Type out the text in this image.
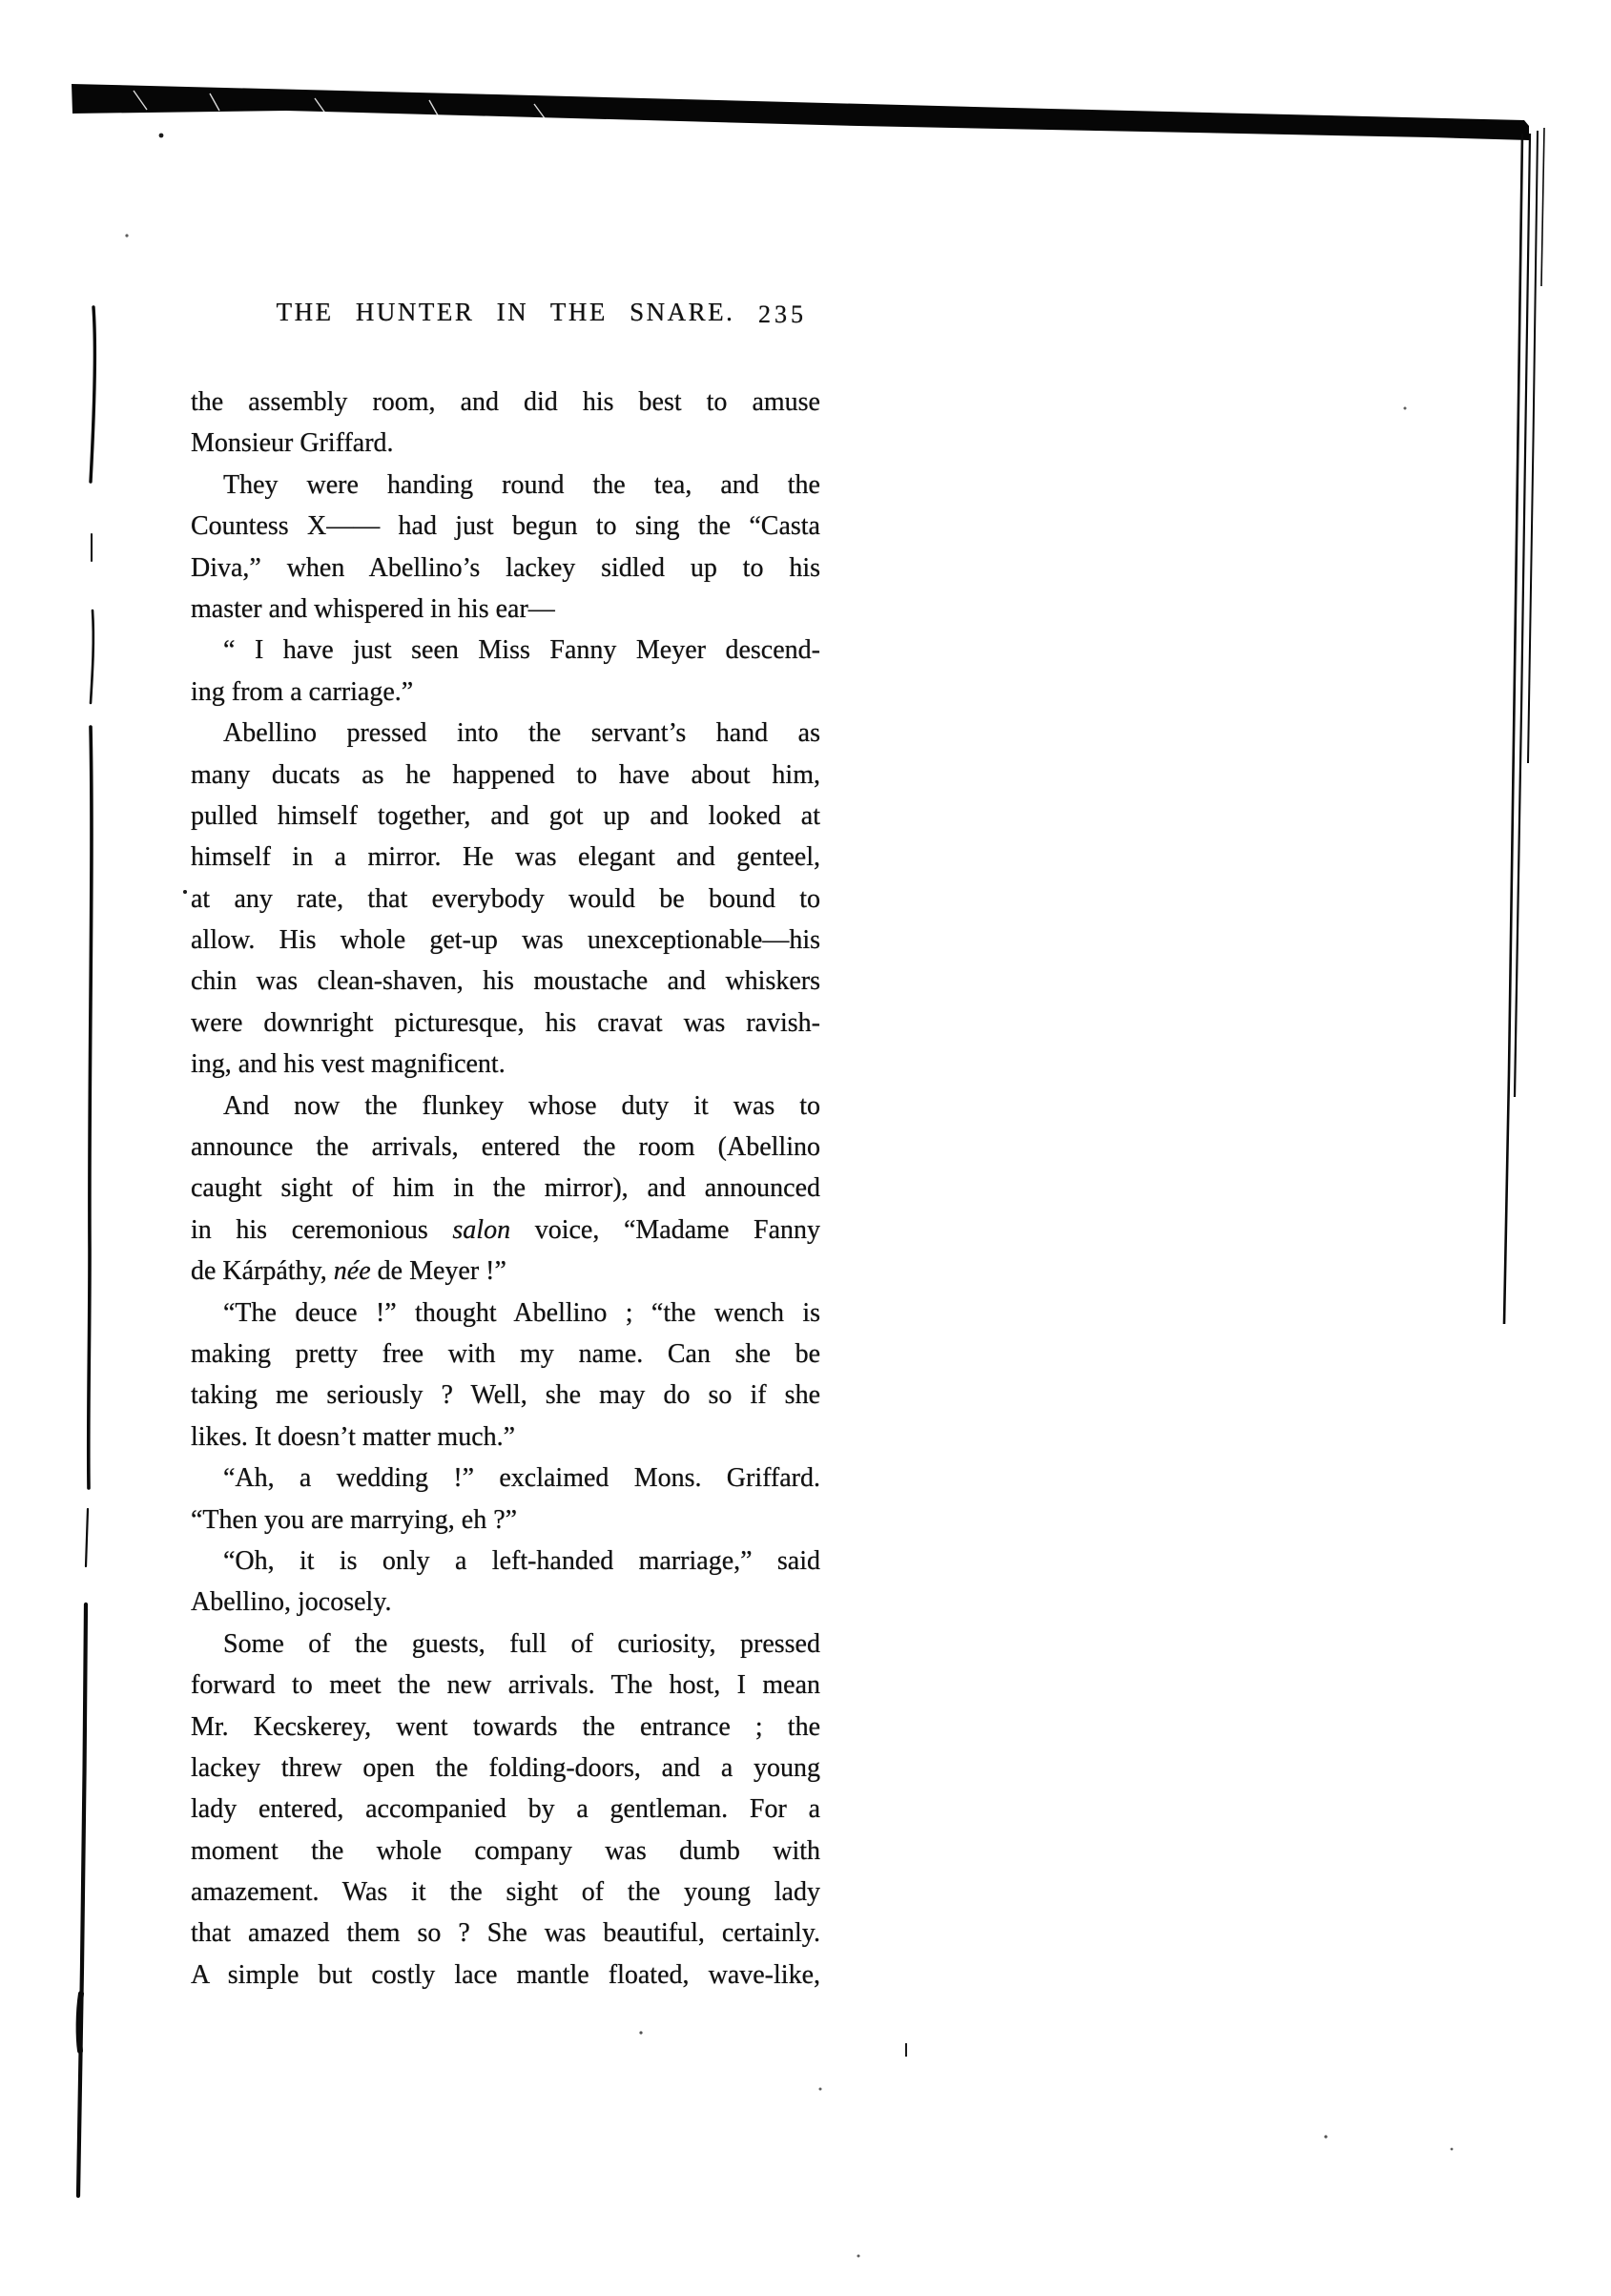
THE HUNTER IN THE SNARE. 235
the assembly room, and did his best to amuse
Monsieur Griffard.
They were handing round the tea, and the
Countess X—— had just begun to sing the “Casta
Diva,” when Abellino’s lackey sidled up to his
master and whispered in his ear—
“ I have just seen Miss Fanny Meyer descend-
ing from a carriage.”
Abellino pressed into the servant’s hand as
many ducats as he happened to have about him,
pulled himself together, and got up and looked at
himself in a mirror. He was elegant and genteel,
at any rate, that everybody would be bound to
allow. His whole get-up was unexceptionable—his
chin was clean-shaven, his moustache and whiskers
were downright picturesque, his cravat was ravish-
ing, and his vest magnificent.
And now the flunkey whose duty it was to
announce the arrivals, entered the room (Abellino
caught sight of him in the mirror), and announced
in his ceremonious salon voice, “Madame Fanny
de Kárpáthy, née de Meyer !”
“The deuce !” thought Abellino ; “the wench is
making pretty free with my name. Can she be
taking me seriously ? Well, she may do so if she
likes. It doesn’t matter much.”
“Ah, a wedding !” exclaimed Mons. Griffard.
“Then you are marrying, eh ?”
“Oh, it is only a left-handed marriage,” said
Abellino, jocosely.
Some of the guests, full of curiosity, pressed
forward to meet the new arrivals. The host, I mean
Mr. Kecskerey, went towards the entrance ; the
lackey threw open the folding-doors, and a young
lady entered, accompanied by a gentleman. For a
moment the whole company was dumb with
amazement. Was it the sight of the young lady
that amazed them so ? She was beautiful, certainly.
A simple but costly lace mantle floated, wave-like,
